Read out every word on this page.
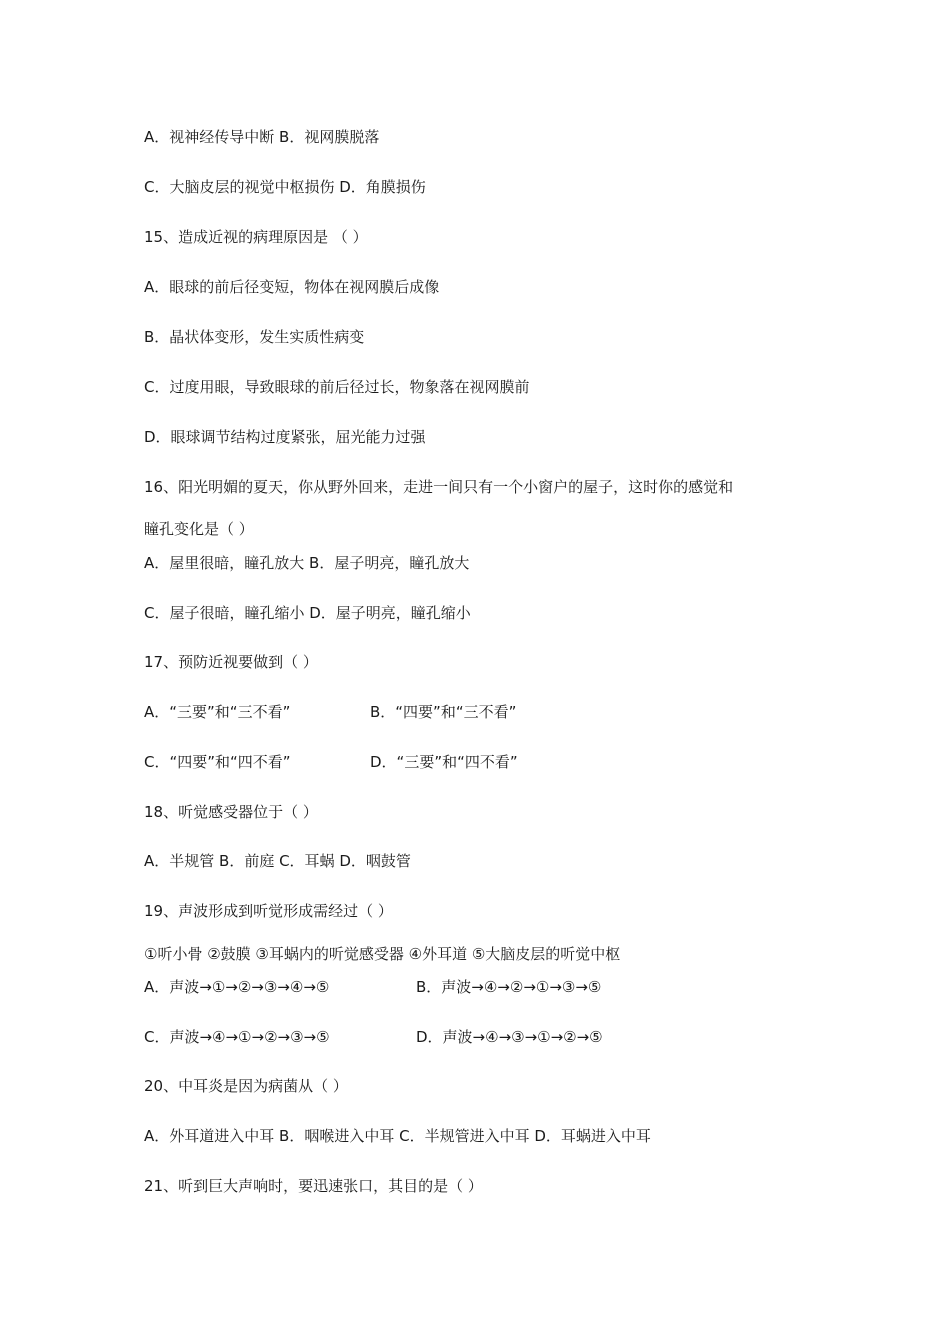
A．视神经传导中断 B．视网膜脱落
C．大脑皮层的视觉中枢损伤 D．角膜损伤
15、造成近视的病理原因是 （ ）
A．眼球的前后径变短，物体在视网膜后成像
B．晶状体变形，发生实质性病变
C．过度用眼，导致眼球的前后径过长，物象落在视网膜前
D．眼球调节结构过度紧张，屈光能力过强
16、阳光明媚的夏天，你从野外回来，走进一间只有一个小窗户的屋子，这时你的感觉和
瞳孔变化是（ ）
A．屋里很暗，瞳孔放大 B．屋子明亮，瞳孔放大
C．屋子很暗，瞳孔缩小 D．屋子明亮，瞳孔缩小
17、预防近视要做到（ ）
A．“三要”和“三不看”	B．“四要”和“三不看”
C．“四要”和“四不看”	D．“三要”和“四不看”
18、听觉感受器位于（ ）
A．半规管 B．前庭 C．耳蜗 D．咽鼓管
19、声波形成到听觉形成需经过（ ）
①听小骨 ②鼓膜 ③耳蜗内的听觉感受器 ④外耳道 ⑤大脑皮层的听觉中枢
A．声波→①→②→③→④→⑤	B．声波→④→②→①→③→⑤
C．声波→④→①→②→③→⑤	D．声波→④→③→①→②→⑤
20、中耳炎是因为病菌从（ ）
A．外耳道进入中耳 B．咽喉进入中耳 C．半规管进入中耳 D．耳蜗进入中耳
21、听到巨大声响时，要迅速张口，其目的是（ ）
